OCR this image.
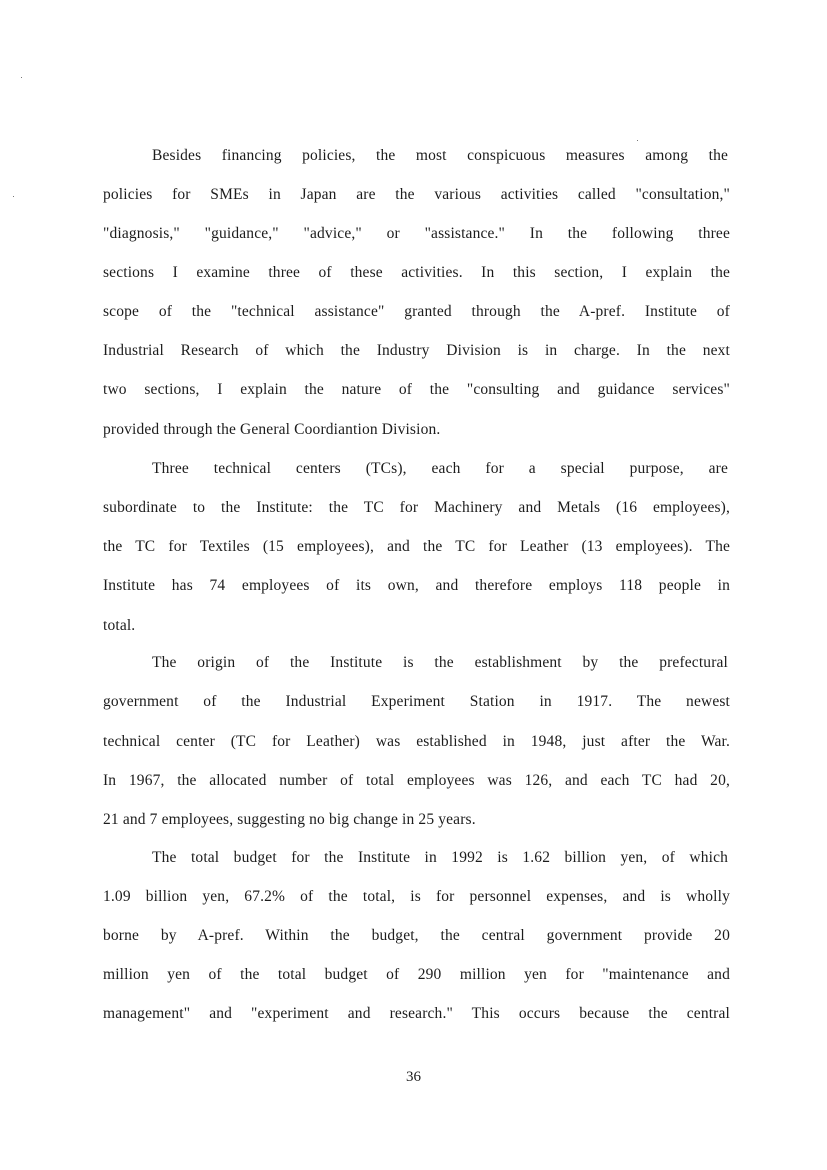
Besides financing policies, the most conspicuous measures among the
policies for SMEs in Japan are the various activities called "consultation,"
"diagnosis," "guidance," "advice," or "assistance." In the following three
sections I examine three of these activities. In this section, I explain the
scope of the "technical assistance" granted through the A-pref. Institute of
Industrial Research of which the Industry Division is in charge. In the next
two sections, I explain the nature of the "consulting and guidance services"
provided through the General Coordiantion Division.
Three technical centers (TCs), each for a special purpose, are
subordinate to the Institute: the TC for Machinery and Metals (16 employees),
the TC for Textiles (15 employees), and the TC for Leather (13 employees). The
Institute has 74 employees of its own, and therefore employs 118 people in
total.
The origin of the Institute is the establishment by the prefectural
government of the Industrial Experiment Station in 1917. The newest
technical center (TC for Leather) was established in 1948, just after the War.
In 1967, the allocated number of total employees was 126, and each TC had 20,
21 and 7 employees, suggesting no big change in 25 years.
The total budget for the Institute in 1992 is 1.62 billion yen, of which
1.09 billion yen, 67.2% of the total, is for personnel expenses, and is wholly
borne by A-pref. Within the budget, the central government provide 20
million yen of the total budget of 290 million yen for "maintenance and
management" and "experiment and research." This occurs because the central
36
